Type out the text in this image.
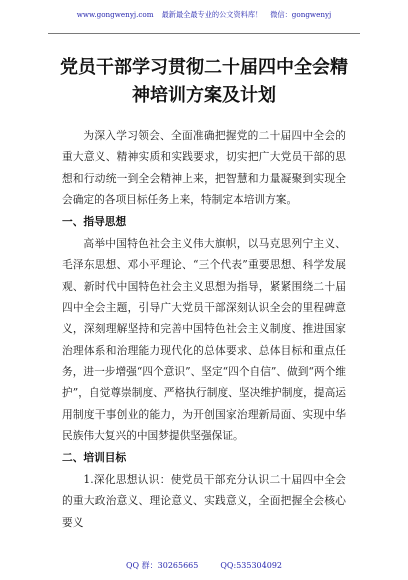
www.gongwenyj.com 最新最全最专业的公文资料库！ 微信：gongwenyj
党员干部学习贯彻二十届四中全会精神培训方案及计划

为深入学习领会、全面准确把握党的二十届四中全会的重大意义、精神实质和实践要求，切实把广大党员干部的思想和行动统一到全会精神上来，把智慧和力量凝聚到实现全会确定的各项目标任务上来，特制定本培训方案。

一、指导思想

高举中国特色社会主义伟大旗帜，以马克思列宁主义、毛泽东思想、邓小平理论、“三个代表”重要思想、科学发展观、新时代中国特色社会主义思想为指导，紧紧围绕二十届四中全会主题，引导广大党员干部深刻认识全会的里程碑意义，深刻理解坚持和完善中国特色社会主义制度、推进国家治理体系和治理能力现代化的总体要求、总体目标和重点任务，进一步增强“四个意识”、坚定“四个自信”、做到“两个维护”，自觉尊崇制度、严格执行制度、坚决维护制度，提高运用制度干事创业的能力，为开创国家治理新局面、实现中华民族伟大复兴的中国梦提供坚强保证。

二、培训目标

1.深化思想认识：使党员干部充分认识二十届四中全会的重大政治意义、理论意义、实践意义，全面把握全会核心要义

QQ 群：30265665	QQ:535304092
